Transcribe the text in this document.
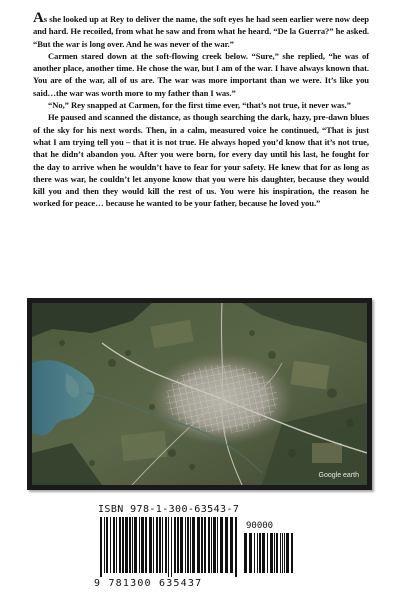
As she looked up at Rey to deliver the name, the soft eyes he had seen earlier were now deep and hard. He recoiled, from what he saw and from what he heard. “De la Guerra?” he asked. “But the war is long over. And he was never of the war.”

Carmen stared down at the soft-flowing creek below. “Sure,” she replied, “he was of another place, another time. He chose the war, but I am of the war. I have always known that. You are of the war, all of us are. The war was more important than we were. It’s like you said…the war was worth more to my father than I was.”

“No,” Rey snapped at Carmen, for the first time ever, “that’s not true, it never was.”

He paused and scanned the distance, as though searching the dark, hazy, pre-dawn blues of the sky for his next words. Then, in a calm, measured voice he continued, “That is just what I am trying tell you – that it is not true. He always hoped you’d know that it’s not true, that he didn’t abandon you. After you were born, for every day until his last, he fought for the day to arrive when he wouldn’t have to fear for your safety. He knew that for as long as there was war, he couldn’t let anyone know that you were his daughter, because they would kill you and then they would kill the rest of us. You were his inspiration, the reason he worked for peace… because he wanted to be your father, because he loved you.”

Google earth
ISBN 978-1-300-63543-7
90000
9 781300 635437
